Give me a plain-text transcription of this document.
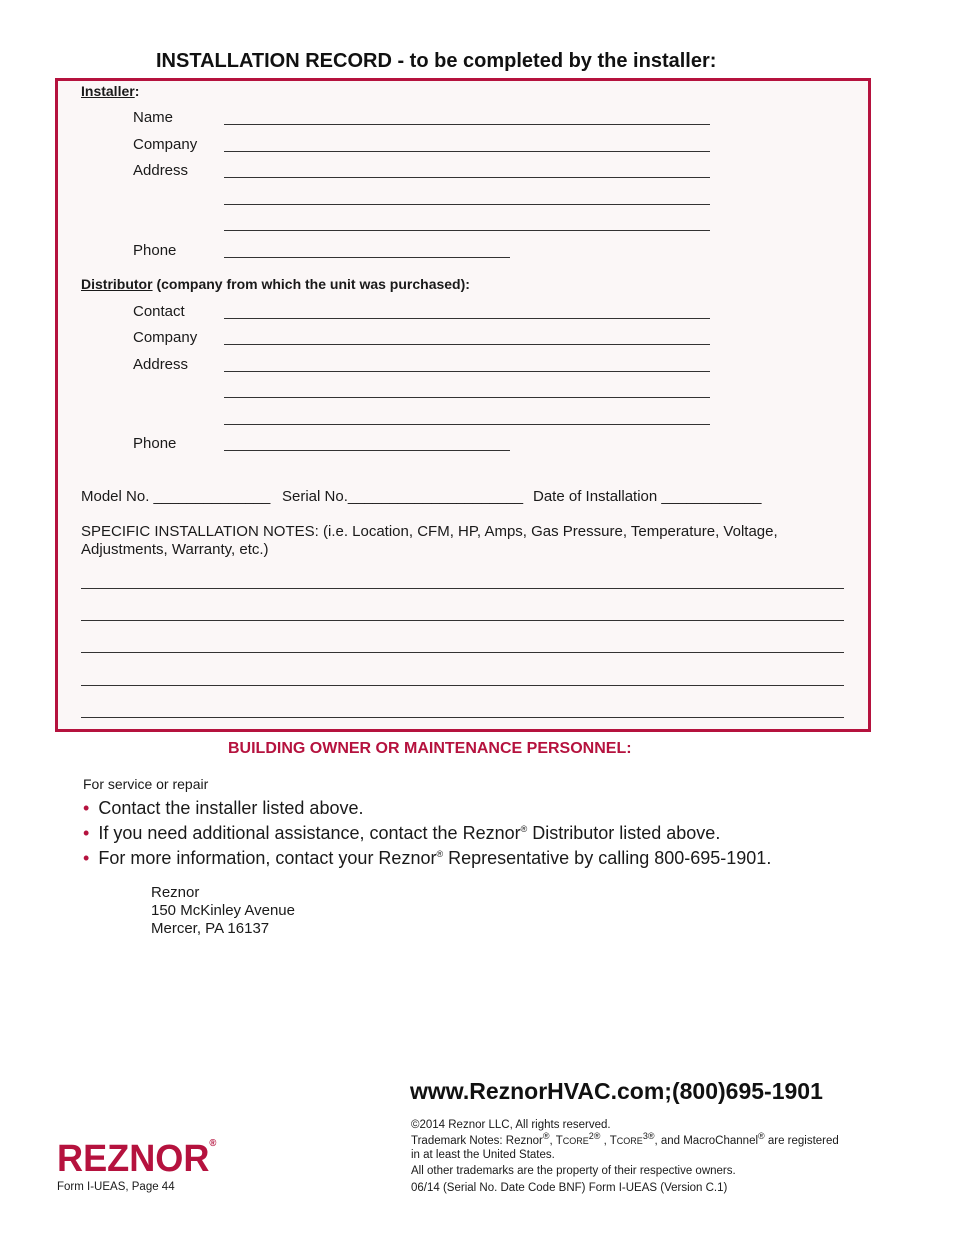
INSTALLATION RECORD - to be completed by the installer:
Installer:
Name
Company
Address
Phone
Distributor (company from which the unit was purchased):
Contact
Company
Address
Phone
Model No. ______________ Serial No._____________________ Date of Installation ____________
SPECIFIC INSTALLATION NOTES: (i.e. Location, CFM, HP, Amps, Gas Pressure, Temperature, Voltage,
Adjustments, Warranty, etc.)
BUILDING OWNER OR MAINTENANCE PERSONNEL:
For service or repair
• Contact the installer listed above.
• If you need additional assistance, contact the Reznor® Distributor listed above.
• For more information, contact your Reznor® Representative by calling 800-695-1901.
Reznor
150 McKinley Avenue
Mercer, PA 16137
www.ReznorHVAC.com;(800)695-1901
©2014 Reznor LLC, All rights reserved.
Trademark Notes: Reznor®, $TCORE^{2®}$ , $TCORE^{3®}$, and MacroChannel® are registered
in at least the United States.
All other trademarks are the property of their respective owners.
06/14 (Serial No. Date Code BNF) Form I-UEAS (Version C.1)
REZNOR®
Form I-UEAS, Page 44
